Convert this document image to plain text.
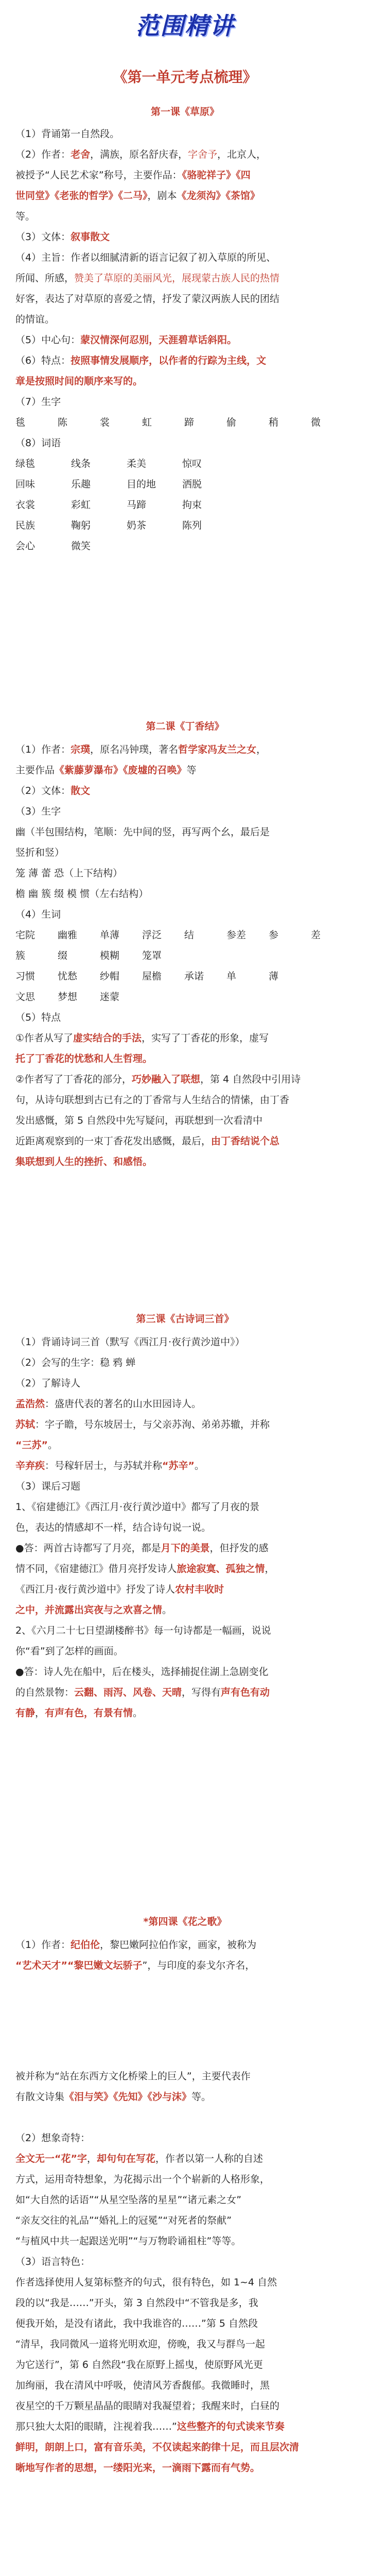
范围精讲
《第一单元考点梳理》
第一课《草原》

（1）背诵第一自然段。

（2）作者：老舍，满族，原名舒庆春，字舍予，北京人，

被授予“人民艺术家”称号，主要作品：《骆驼祥子》《四

世同堂》《老张的哲学》《二马》，剧本《龙须沟》《茶馆》

等。

（3）文体：叙事散文

（4）主旨：作者以细腻清新的语言记叙了初入草原的所见、

所闻、所感，赞美了草原的美丽风光，展现蒙古族人民的热情

好客，表达了对草原的喜爱之情，抒发了蒙汉两族人民的团结

的情谊。

（5）中心句：蒙汉情深何忍别，天涯碧草话斜阳。

（6）特点：按照事情发展顺序，以作者的行踪为主线，文

章是按照时间的顺序来写的。

（7）生字

毯	陈	裳	虹	蹄	偷	稍	微

（8）词语

绿毯	线条	柔美	惊叹

回味	乐趣	目的地	洒脱

衣裳	彩虹	马蹄	拘束

民族	鞠躬	奶茶	陈列

会心	微笑

第二课《丁香结》

（1）作者：宗璞，原名冯钟璞，著名哲学家冯友兰之女，

主要作品《紫藤萝瀑布》《废墟的召唤》等

（2）文体：散文

（3）生字

幽（半包围结构，笔顺：先中间的竖，再写两个幺，最后是

竖折和竖）

笼 薄 蕾 恐（上下结构）

檐 幽 簇 缀 模 惯（左右结构）

（4）生词

宅院	幽雅	单薄	浮泛	结	参差	参	差

簇	缀	模糊	笼罩

习惯	忧愁	纱帽	屋檐	承诺	单	薄

文思	梦想	迷蒙

（5）特点

①作者从写了虚实结合的手法，实写了丁香花的形象，虚写

托了丁香花的忧愁和人生哲理。

②作者写了丁香花的部分，巧妙融入了联想，第 4 自然段中引用诗

句，从诗句联想到古已有之的丁香常与人生结合的情愫，由丁香

发出感慨，第 5 自然段中先写疑问，再联想到一次看清中

近距离观察到的一束丁香花发出感慨，最后，由丁香结说个总

集联想到人生的挫折、和感悟。

第三课《古诗词三首》

（1）背诵诗词三首（默写《西江月·夜行黄沙道中》）

（2）会写的生字：稳 鸦 蝉

（2）了解诗人

孟浩然：盛唐代表的著名的山水田园诗人。

苏轼：字子瞻，号东坡居士，与父亲苏洵、弟弟苏辙，并称

“三苏”。

辛弃疾：号稼轩居士，与苏轼并称“苏辛”。

（3）课后习题

1、《宿建德江》《西江月·夜行黄沙道中》都写了月夜的景

色，表达的情感却不一样，结合诗句说一说。

●答：两首古诗都写了月亮，都是月下的美景，但抒发的感

情不同，《宿建德江》借月亮抒发诗人旅途寂寞、孤独之情，

《西江月·夜行黄沙道中》抒发了诗人农村丰收时

之中，并流露出宾夜与之欢喜之情。

2、《六月二十七日望湖楼醉书》每一句诗都是一幅画，说说

你“看”到了怎样的画面。

●答：诗人先在船中，后在楼头，选择捕捉住湖上急剧变化

的自然景物：云翻、雨泻、风卷、天晴，写得有声有色有动

有静，有声有色，有景有情。

*第四课《花之歌》

（1）作者：纪伯伦，黎巴嫩阿拉伯作家，画家，被称为

“艺术天才”“黎巴嫩文坛骄子”，与印度的泰戈尔齐名，

被并称为“站在东西方文化桥梁上的巨人”，主要代表作

有散文诗集《泪与笑》《先知》《沙与沫》等。

（2）想象奇特：

全文无一“花”字，却句句在写花，作者以第一人称的自述

方式，运用奇特想象，为花揭示出一个个崭新的人格形象，

如“大自然的话语”“从星空坠落的星星”“诸元素之女”

“亲友交往的礼品”“婚礼上的冠冕”“对死者的祭献”

“与植风中共一起跟送光明”“与万物聆诵祖柱”等等。

（3）语言特色：

作者选择使用人复第标整齐的句式，很有特色，如 1~4 自然

段的以“我是……”开头，第 3 自然段中“不管我是多，我

便我开始，是没有诸此，我中我谁咨的……”第 5 自然段

“清早，我同微风一道将光明欢迎，傍晚，我又与群鸟一起

为它送行”，第 6 自然段“我在原野上摇曳，使原野风光更

加绚丽，我在清风中呼吸，使清风芳香馥郁。我微睡时，黑

夜星空的千万颗星晶晶的眼睛对我凝望着；我醒来时，白昼的

那只独大太阳的眼睛，注视着我……”这些整齐的句式读来节奏

鲜明，朗朗上口，富有音乐美，不仅读起来韵律十足，而且层次清

晰地写作者的思想，一缕阳光来，一滴雨下露而有气势。
